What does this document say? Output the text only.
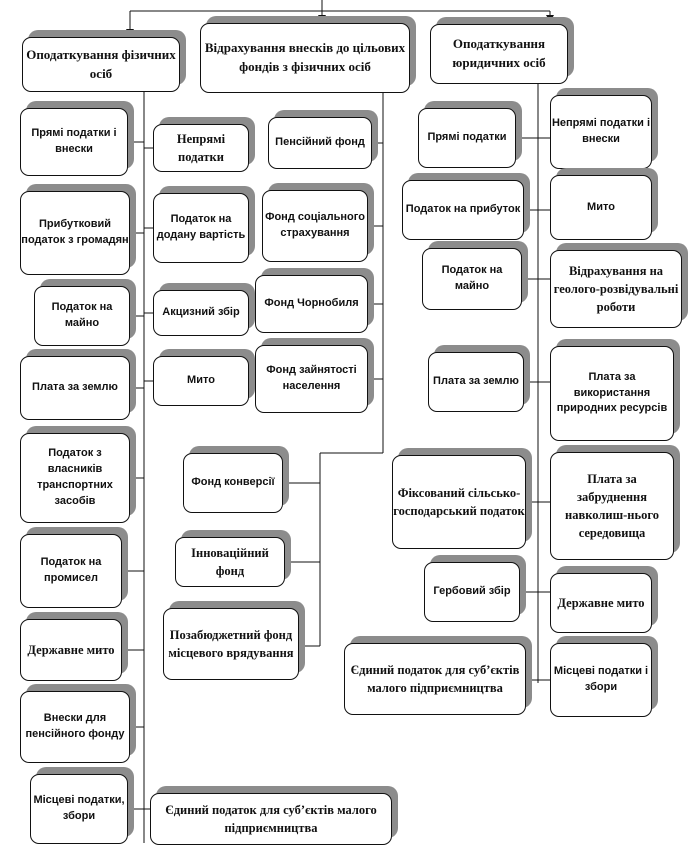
Оподаткування фізичних осіб
Відрахування внесків до цільових фондів з фізичних осіб
Оподаткування юридичних осіб
Прямі податки і внески
Прибутковий податок з громадян
Податок на майно
Плата за землю
Податок з власників транспортних засобів
Податок на промисел
Державне мито
Внески для пенсійного фонду
Місцеві податки, збори
Непрямі податки
Податок на додану вартість
Акцизний збір
Мито
Єдиний податок для суб’єктів малого підприємництва
Пенсійний фонд
Фонд соціального страхування
Фонд Чорнобиля
Фонд зайнятості населення
Фонд конверсії
Інноваційний фонд
Позабюджетний фонд місцевого врядування
Прямі податки
Податок на прибуток
Податок на майно
Плата за землю
Фіксований сільсько-господарський податок
Гербовий збір
Єдиний податок для суб’єктів малого підприємництва
Непрямі податки і внески
Мито
Відрахування на геолого-розвідувальні роботи
Плата за використання природних ресурсів
Плата за забруднення навколиш-нього середовища
Державне мито
Місцеві податки і збори
